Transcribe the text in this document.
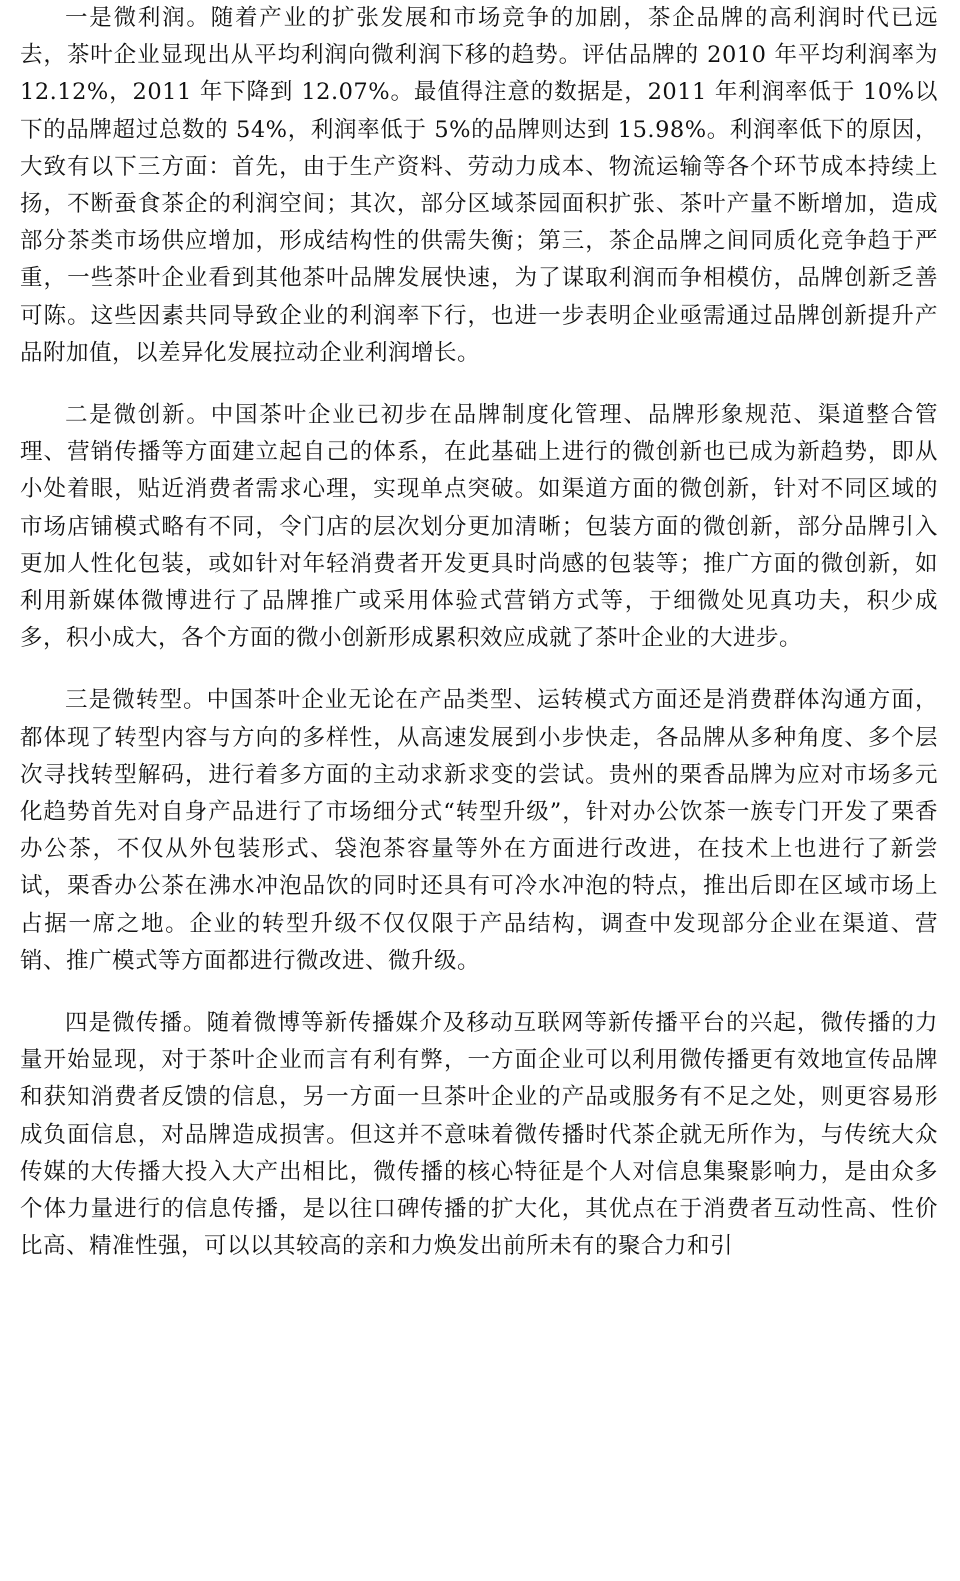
一是微利润。随着产业的扩张发展和市场竞争的加剧，茶企品牌的高利润时代已远去，茶叶企业显现出从平均利润向微利润下移的趋势。评估品牌的 2010 年平均利润率为 12.12%，2011 年下降到 12.07%。最值得注意的数据是，2011 年利润率低于 10%以下的品牌超过总数的 54%，利润率低于 5%的品牌则达到 15.98%。利润率低下的原因，大致有以下三方面：首先，由于生产资料、劳动力成本、物流运输等各个环节成本持续上扬，不断蚕食茶企的利润空间；其次，部分区域茶园面积扩张、茶叶产量不断增加，造成部分茶类市场供应增加，形成结构性的供需失衡；第三，茶企品牌之间同质化竞争趋于严重，一些茶叶企业看到其他茶叶品牌发展快速，为了谋取利润而争相模仿，品牌创新乏善可陈。这些因素共同导致企业的利润率下行，也进一步表明企业亟需通过品牌创新提升产品附加值，以差异化发展拉动企业利润增长。

二是微创新。中国茶叶企业已初步在品牌制度化管理、品牌形象规范、渠道整合管理、营销传播等方面建立起自己的体系，在此基础上进行的微创新也已成为新趋势，即从小处着眼，贴近消费者需求心理，实现单点突破。如渠道方面的微创新，针对不同区域的市场店铺模式略有不同，令门店的层次划分更加清晰；包装方面的微创新，部分品牌引入更加人性化包装，或如针对年轻消费者开发更具时尚感的包装等；推广方面的微创新，如利用新媒体微博进行了品牌推广或采用体验式营销方式等，于细微处见真功夫，积少成多，积小成大，各个方面的微小创新形成累积效应成就了茶叶企业的大进步。

三是微转型。中国茶叶企业无论在产品类型、运转模式方面还是消费群体沟通方面，都体现了转型内容与方向的多样性，从高速发展到小步快走，各品牌从多种角度、多个层次寻找转型解码，进行着多方面的主动求新求变的尝试。贵州的栗香品牌为应对市场多元化趋势首先对自身产品进行了市场细分式“转型升级”，针对办公饮茶一族专门开发了栗香办公茶，不仅从外包装形式、袋泡茶容量等外在方面进行改进，在技术上也进行了新尝试，栗香办公茶在沸水冲泡品饮的同时还具有可冷水冲泡的特点，推出后即在区域市场上占据一席之地。企业的转型升级不仅仅限于产品结构，调查中发现部分企业在渠道、营销、推广模式等方面都进行微改进、微升级。

四是微传播。随着微博等新传播媒介及移动互联网等新传播平台的兴起，微传播的力量开始显现，对于茶叶企业而言有利有弊，一方面企业可以利用微传播更有效地宣传品牌和获知消费者反馈的信息，另一方面一旦茶叶企业的产品或服务有不足之处，则更容易形成负面信息，对品牌造成损害。但这并不意味着微传播时代茶企就无所作为，与传统大众传媒的大传播大投入大产出相比，微传播的核心特征是个人对信息集聚影响力，是由众多个体力量进行的信息传播，是以往口碑传播的扩大化，其优点在于消费者互动性高、性价比高、精准性强，可以以其较高的亲和力焕发出前所未有的聚合力和引
